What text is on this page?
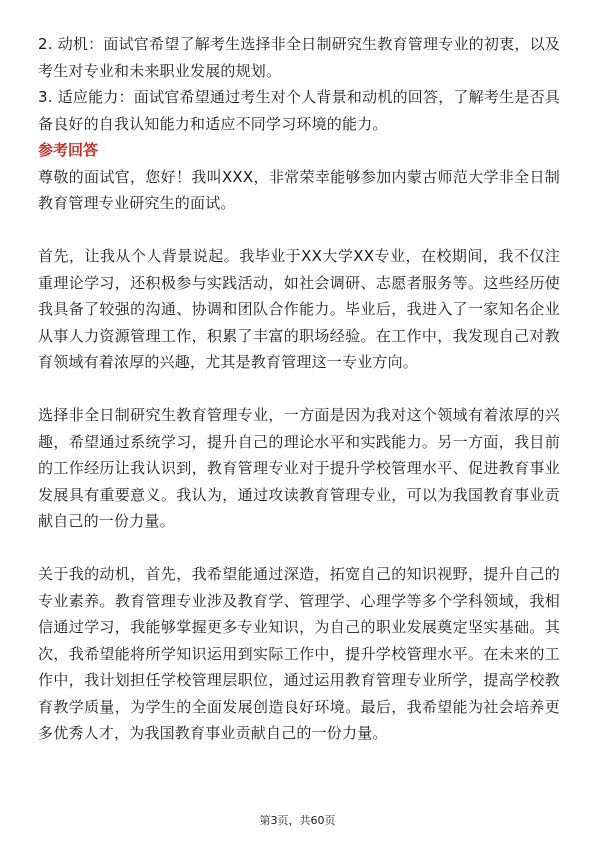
2. 动机：面试官希望了解考生选择非全日制研究生教育管理专业的初衷，以及考生对专业和未来职业发展的规划。

3. 适应能力：面试官希望通过考生对个人背景和动机的回答，了解考生是否具备良好的自我认知能力和适应不同学习环境的能力。

参考回答

尊敬的面试官，您好！我叫XXX，非常荣幸能够参加内蒙古师范大学非全日制教育管理专业研究生的面试。

首先，让我从个人背景说起。我毕业于XX大学XX专业，在校期间，我不仅注重理论学习，还积极参与实践活动，如社会调研、志愿者服务等。这些经历使我具备了较强的沟通、协调和团队合作能力。毕业后，我进入了一家知名企业从事人力资源管理工作，积累了丰富的职场经验。在工作中，我发现自己对教育领域有着浓厚的兴趣，尤其是教育管理这一专业方向。

选择非全日制研究生教育管理专业，一方面是因为我对这个领域有着浓厚的兴趣，希望通过系统学习，提升自己的理论水平和实践能力。另一方面，我目前的工作经历让我认识到，教育管理专业对于提升学校管理水平、促进教育事业发展具有重要意义。我认为，通过攻读教育管理专业，可以为我国教育事业贡献自己的一份力量。

关于我的动机，首先，我希望能通过深造，拓宽自己的知识视野，提升自己的专业素养。教育管理专业涉及教育学、管理学、心理学等多个学科领域，我相信通过学习，我能够掌握更多专业知识，为自己的职业发展奠定坚实基础。其次，我希望能将所学知识运用到实际工作中，提升学校管理水平。在未来的工作中，我计划担任学校管理层职位，通过运用教育管理专业所学，提高学校教育教学质量，为学生的全面发展创造良好环境。最后，我希望能为社会培养更多优秀人才，为我国教育事业贡献自己的一份力量。

第3页，共60页
